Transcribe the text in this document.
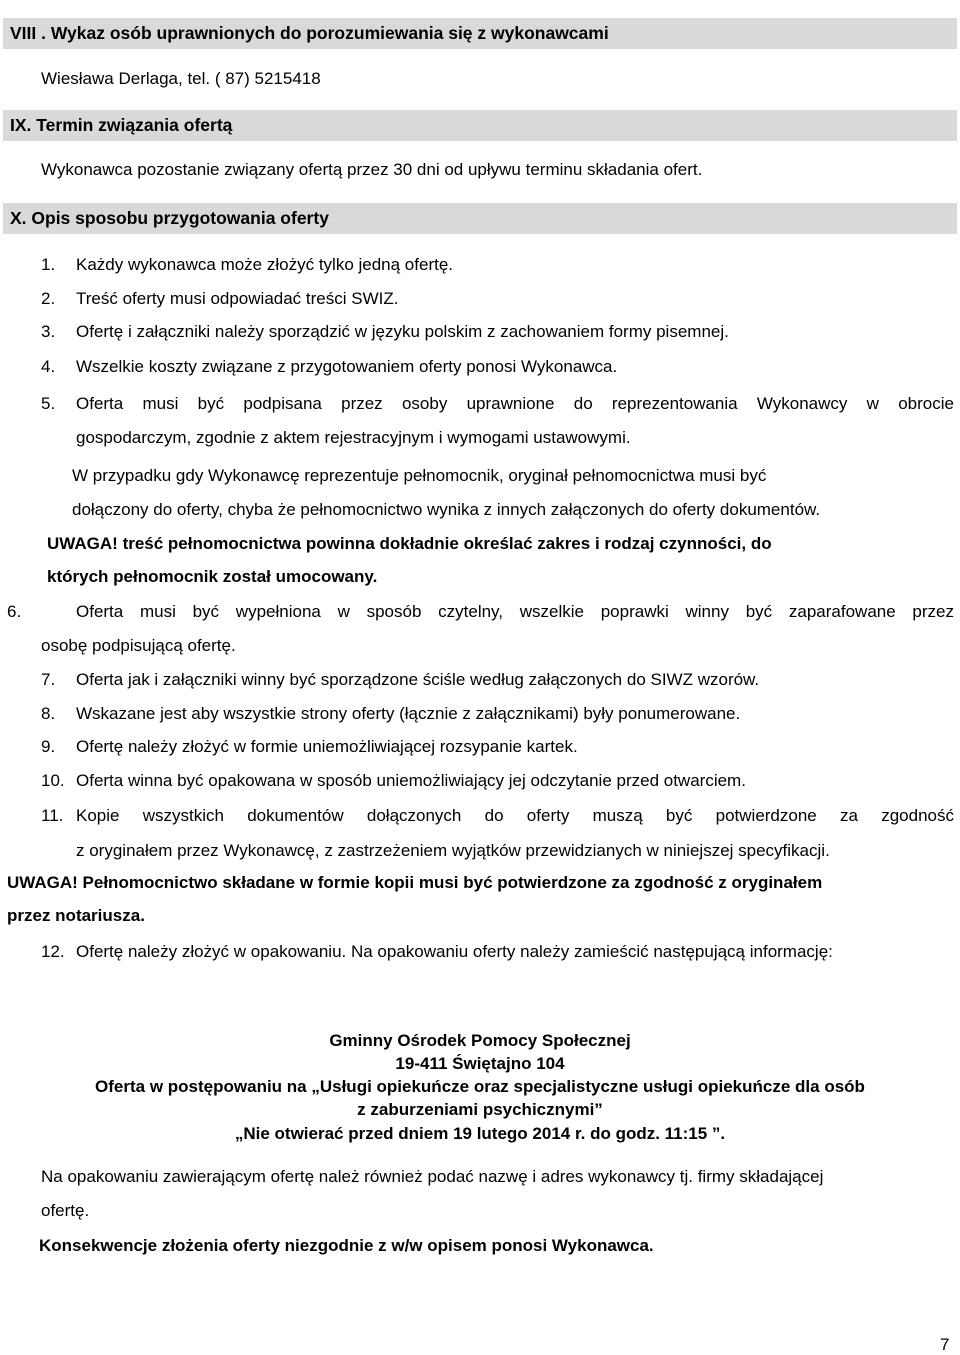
VIII . Wykaz osób uprawnionych do porozumiewania się z wykonawcami
Wiesława Derlaga, tel. ( 87) 5215418
IX. Termin związania ofertą
Wykonawca pozostanie związany ofertą przez 30 dni od upływu terminu składania ofert.
X. Opis sposobu przygotowania oferty
1. Każdy wykonawca może złożyć tylko jedną ofertę.
2. Treść oferty musi odpowiadać treści SWIZ.
3. Ofertę i załączniki należy sporządzić w języku polskim z zachowaniem formy pisemnej.
4. Wszelkie koszty związane z przygotowaniem oferty ponosi Wykonawca.
5. Oferta musi być podpisana przez osoby uprawnione do reprezentowania Wykonawcy w obrocie
gospodarczym, zgodnie z aktem rejestracyjnym i wymogami ustawowymi.
W przypadku gdy Wykonawcę reprezentuje pełnomocnik, oryginał pełnomocnictwa musi być
dołączony do oferty, chyba że pełnomocnictwo wynika z innych załączonych do oferty dokumentów.
UWAGA! treść pełnomocnictwa powinna dokładnie określać zakres i rodzaj czynności, do
których pełnomocnik został umocowany.
6.	Oferta musi być wypełniona w sposób czytelny, wszelkie poprawki winny być zaparafowane przez
osobę podpisującą ofertę.
7. Oferta jak i załączniki winny być sporządzone ściśle według załączonych do SIWZ wzorów.
8. Wskazane jest aby wszystkie strony oferty (łącznie z załącznikami) były ponumerowane.
9. Ofertę należy złożyć w formie uniemożliwiającej rozsypanie kartek.
10. Oferta winna być opakowana w sposób uniemożliwiający jej odczytanie przed otwarciem.
11. Kopie wszystkich dokumentów dołączonych do oferty muszą być potwierdzone za zgodność
z oryginałem przez Wykonawcę, z zastrzeżeniem wyjątków przewidzianych w niniejszej specyfikacji.
UWAGA! Pełnomocnictwo składane w formie kopii musi być potwierdzone za zgodność z oryginałem
przez notariusza.
12. Ofertę należy złożyć w opakowaniu. Na opakowaniu oferty należy zamieścić następującą informację:
Gminny Ośrodek Pomocy Społecznej
19-411 Świętajno 104
Oferta w postępowaniu na „Usługi opiekuńcze oraz specjalistyczne usługi opiekuńcze dla osób
z zaburzeniami psychicznymi”
„Nie otwierać przed dniem 19 lutego 2014 r. do godz. 11:15 ”.
Na opakowaniu zawierającym ofertę należ również podać nazwę i adres wykonawcy tj. firmy składającej
ofertę.
Konsekwencje złożenia oferty niezgodnie z w/w opisem ponosi Wykonawca.
7
